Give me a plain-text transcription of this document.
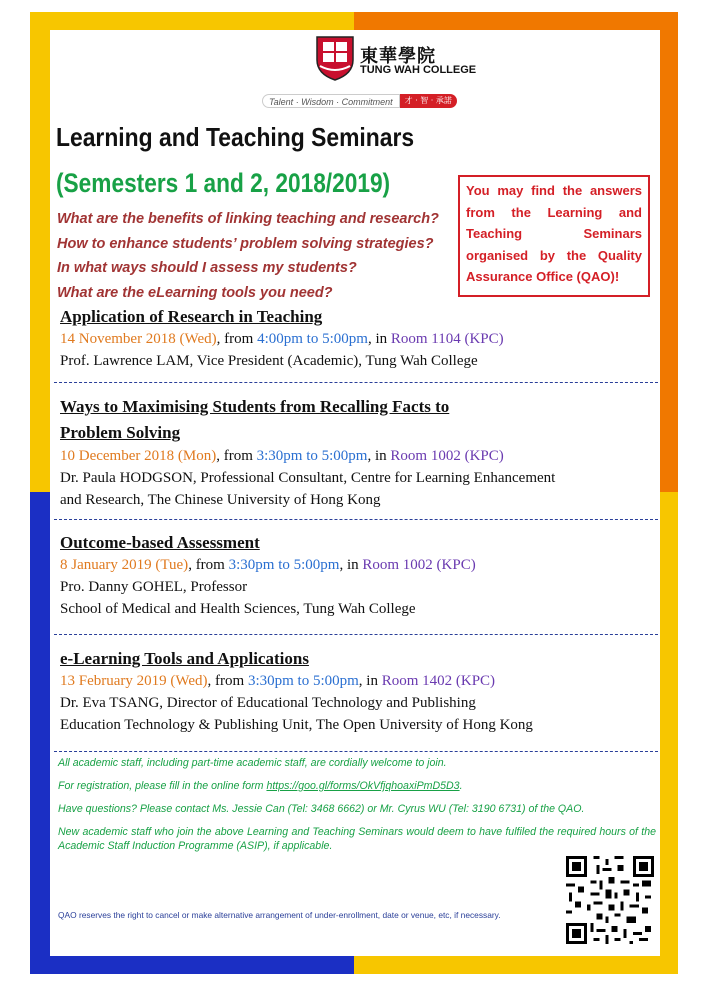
東華學院
TUNG WAH COLLEGE
Talent · Wisdom · Commitment	才 · 智 · 承諾
Learning and Teaching Seminars
(Semesters 1 and 2, 2018/2019)
What are the benefits of linking teaching and research?
How to enhance students’ problem solving strategies?
In what ways should I assess my students?
What are the eLearning tools you need?
You may find the answers from the Learning and Teaching Seminars organised by the Quality Assurance Office (QAO)!
Application of Research in Teaching
14 November 2018 (Wed), from 4:00pm to 5:00pm, in Room 1104 (KPC)
Prof. Lawrence LAM, Vice President (Academic), Tung Wah College
Ways to Maximising Students from Recalling Facts to
Problem Solving
10 December 2018 (Mon), from 3:30pm to 5:00pm, in Room 1002 (KPC)
Dr. Paula HODGSON, Professional Consultant, Centre for Learning Enhancement
and Research, The Chinese University of Hong Kong
Outcome-based Assessment
8 January 2019 (Tue), from 3:30pm to 5:00pm, in Room 1002 (KPC)
Pro. Danny GOHEL, Professor
School of Medical and Health Sciences, Tung Wah College
e-Learning Tools and Applications
13 February 2019 (Wed), from 3:30pm to 5:00pm, in Room 1402 (KPC)
Dr. Eva TSANG, Director of Educational Technology and Publishing
Education Technology & Publishing Unit, The Open University of Hong Kong
All academic staff, including part-time academic staff, are cordially welcome to join.
For registration, please fill in the online form https://goo.gl/forms/OkVfjqhoaxiPmD5D3.
Have questions? Please contact Ms. Jessie Can (Tel: 3468 6662) or Mr. Cyrus WU (Tel: 3190 6731) of the QAO.
New academic staff who join the above Learning and Teaching Seminars would deem to have fulfiled the required hours of the Academic Staff Induction Programme (ASIP), if applicable.
QAO reserves the right to cancel or make alternative arrangement of under-enrollment, date or venue, etc, if necessary.
